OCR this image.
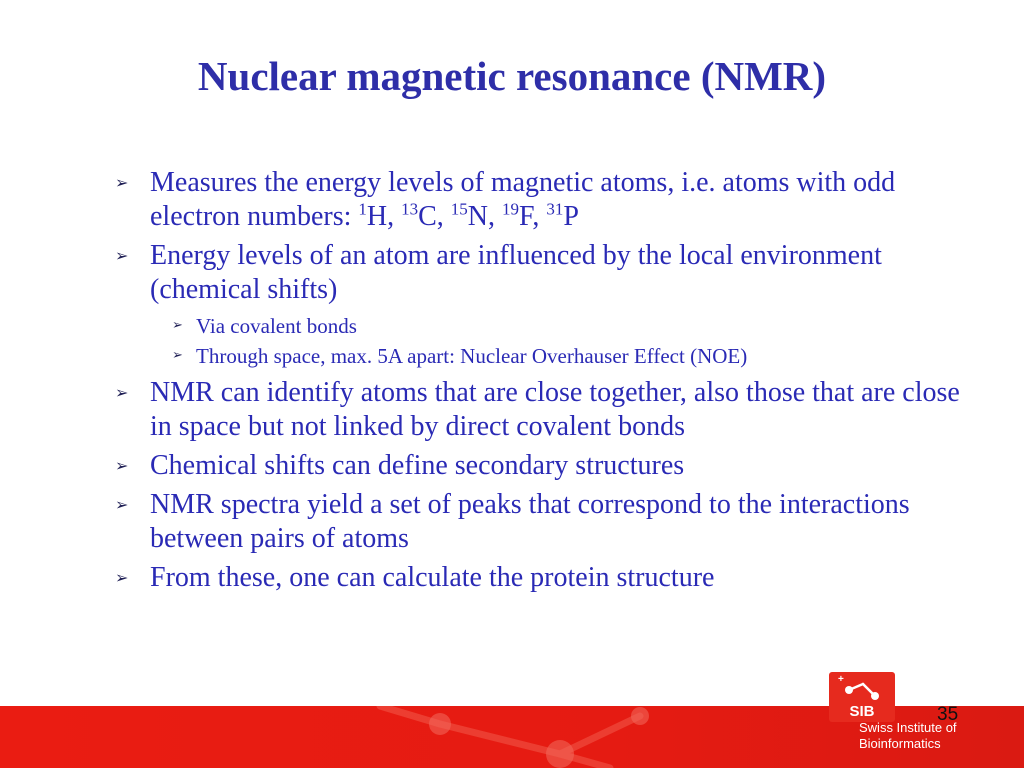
Nuclear magnetic resonance (NMR)
➢ Measures the energy levels of magnetic atoms, i.e. atoms with odd electron numbers: $^1$H, $^{13}$C, $^{15}$N, $^{19}$F, $^{31}$P
➢ Energy levels of an atom are influenced by the local environment (chemical shifts)
➢ Via covalent bonds
➢ Through space, max. 5A apart: Nuclear Overhauser Effect (NOE)
➢ NMR can identify atoms that are close together, also those that are close in space but not linked by direct covalent bonds
➢ Chemical shifts can define secondary structures
➢ NMR spectra yield a set of peaks that correspond to the interactions between pairs of atoms
➢ From these, one can calculate the protein structure
35
+
SIB
Swiss Institute of
Bioinformatics
